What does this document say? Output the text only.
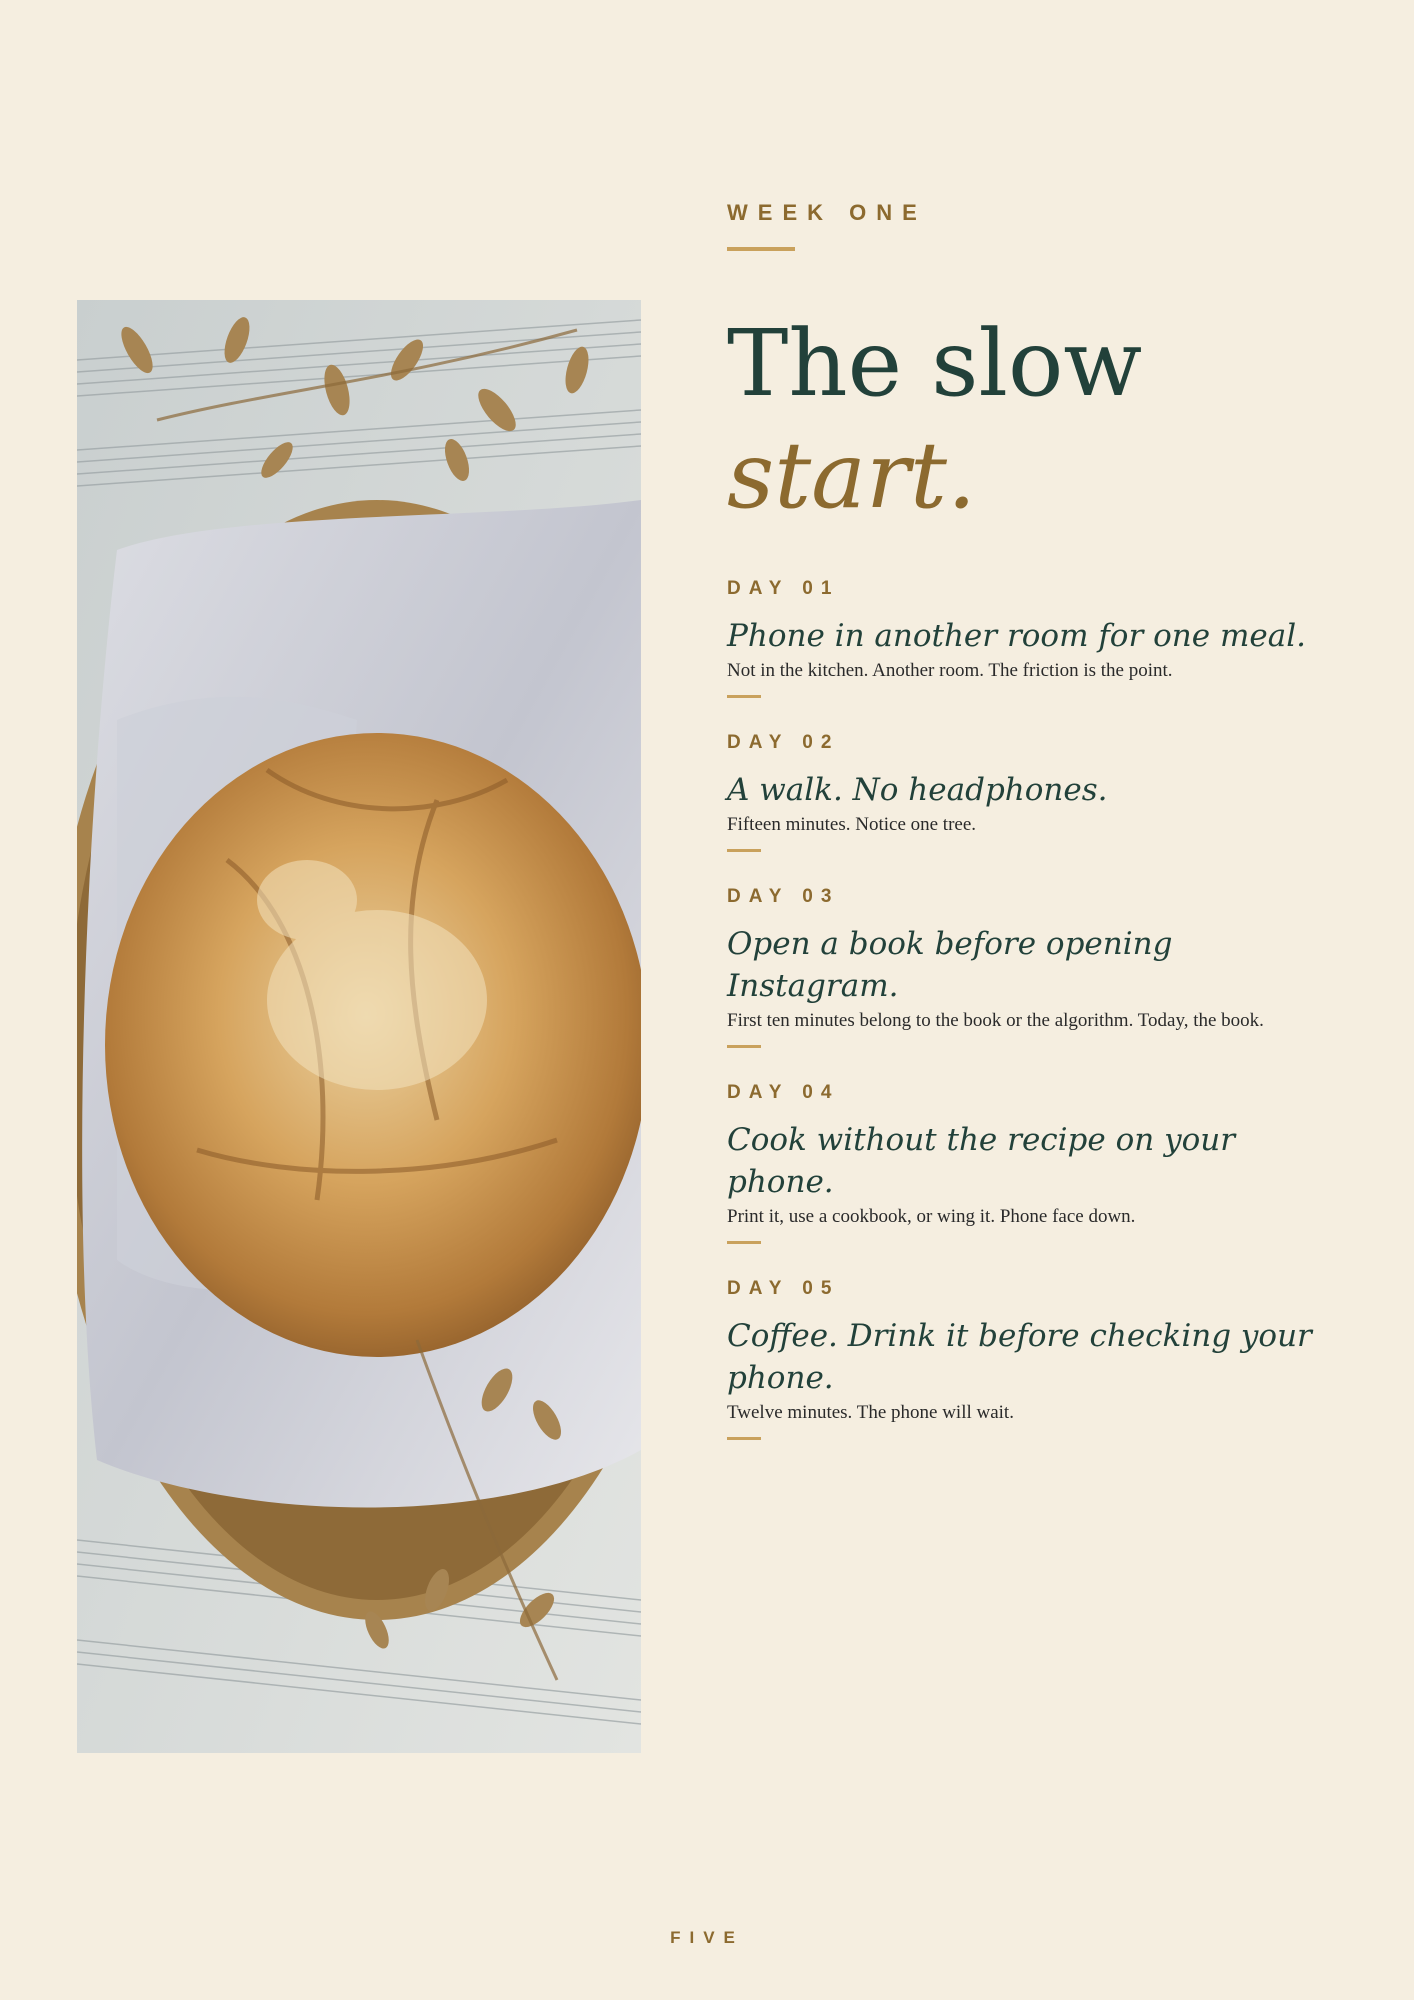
WEEK ONE
The slow
start.
DAY 01
Phone in another room for one meal.
Not in the kitchen. Another room. The friction is the point.
DAY 02
A walk. No headphones.
Fifteen minutes. Notice one tree.
DAY 03
Open a book before opening Instagram.
First ten minutes belong to the book or the algorithm. Today, the book.
DAY 04
Cook without the recipe on your phone.
Print it, use a cookbook, or wing it. Phone face down.
DAY 05
Coffee. Drink it before checking your phone.
Twelve minutes. The phone will wait.
FIVE
